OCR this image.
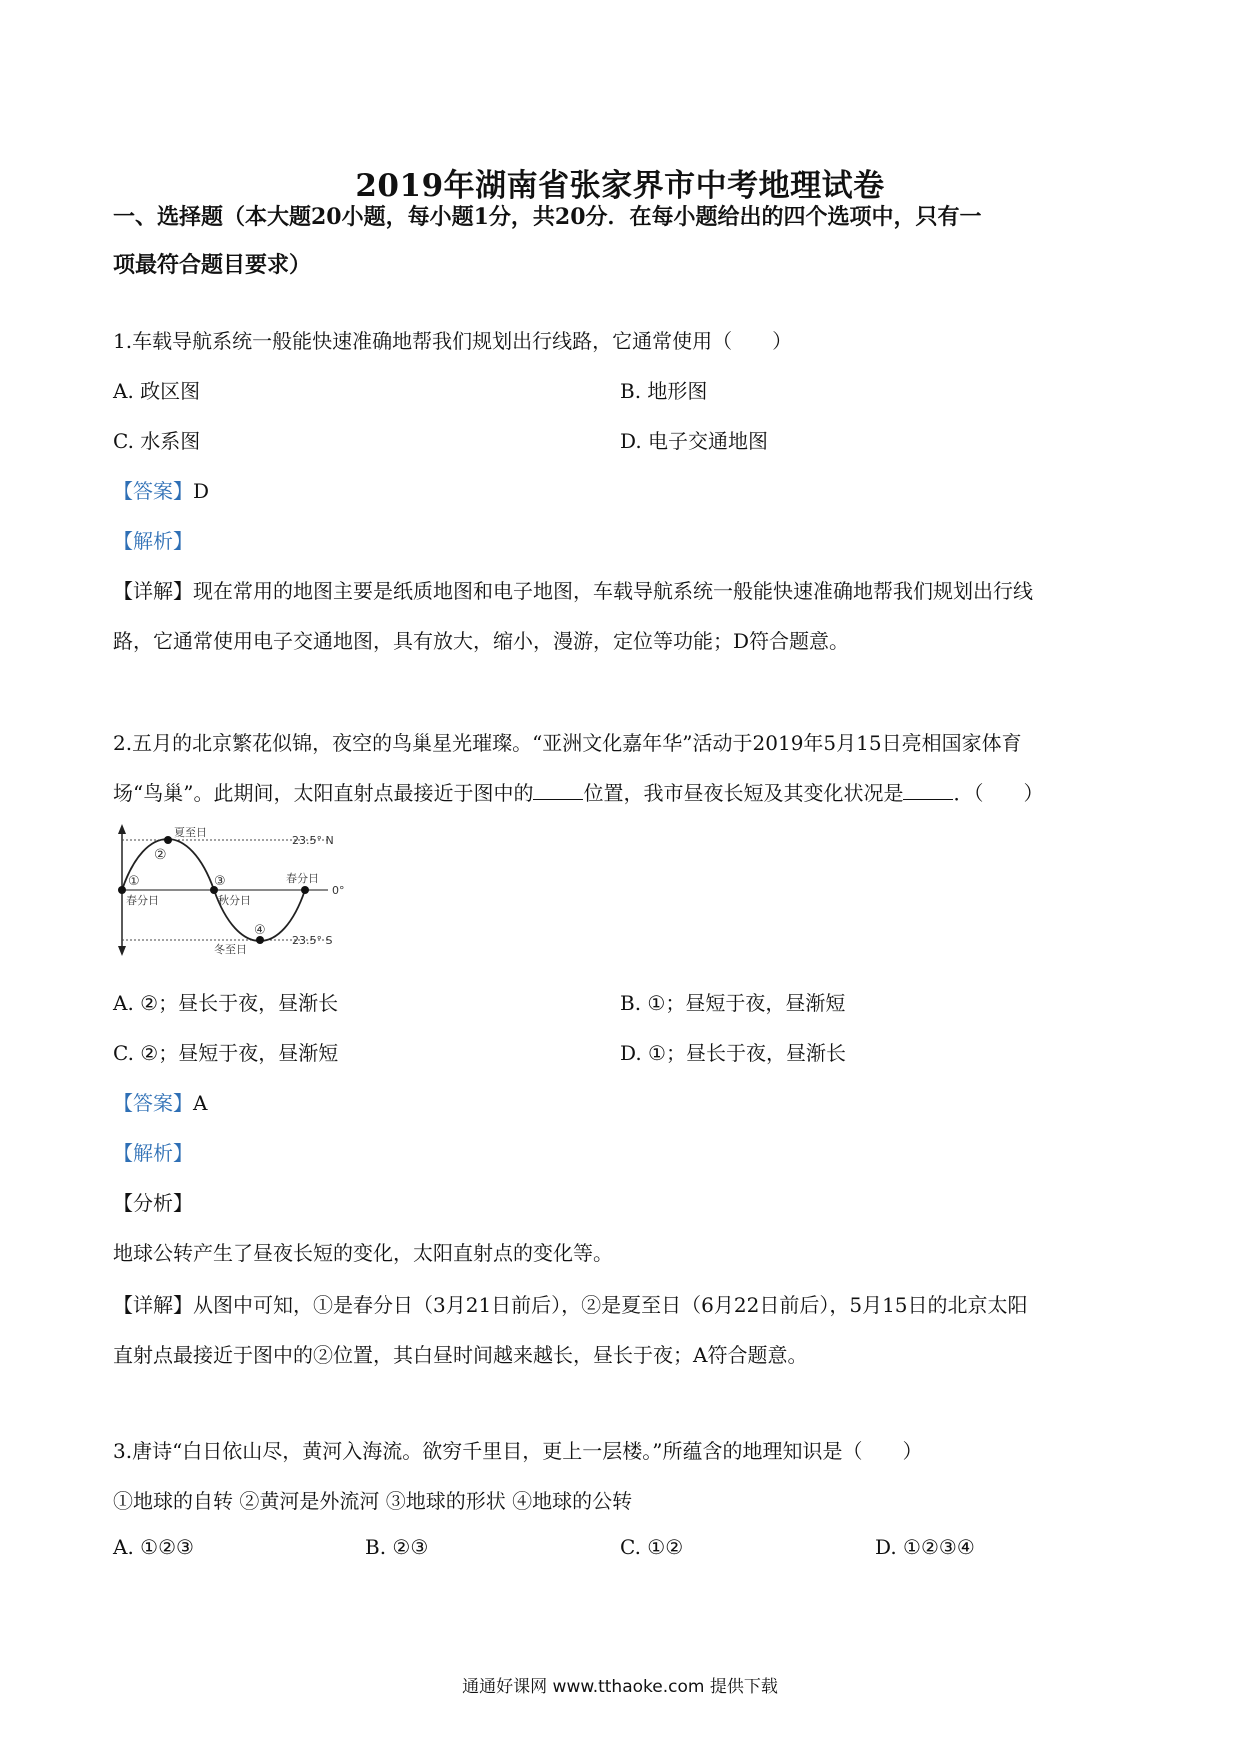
2019年湖南省张家界市中考地理试卷
一、选择题（本大题20小题，每小题1分，共20分．在每小题给出的四个选项中，只有一
项最符合题目要求）
1.车载导航系统一般能快速准确地帮我们规划出行线路，它通常使用（　　）
A. 政区图	B. 地形图
C. 水系图	D. 电子交通地图
【答案】D
【解析】
【详解】现在常用的地图主要是纸质地图和电子地图，车载导航系统一般能快速准确地帮我们规划出行线
路，它通常使用电子交通地图，具有放大，缩小，漫游，定位等功能；D符合题意。
2.五月的北京繁花似锦，夜空的鸟巢星光璀璨。“亚洲文化嘉年华”活动于2019年5月15日亮相国家体育
场“鸟巢”。此期间，太阳直射点最接近于图中的	位置，我市昼夜长短及其变化状况是	．（　　）
夏至日
②
①
春分日
③
秋分日
春分日
④
冬至日
23.5° N
0°
23.5° S
A. ②；昼长于夜，昼渐长	B. ①；昼短于夜，昼渐短
C. ②；昼短于夜，昼渐短	D. ①；昼长于夜，昼渐长
【答案】A
【解析】
【分析】
地球公转产生了昼夜长短的变化，太阳直射点的变化等。
【详解】从图中可知，①是春分日（3月21日前后），②是夏至日（6月22日前后），5月15日的北京太阳
直射点最接近于图中的②位置，其白昼时间越来越长，昼长于夜；A符合题意。
3.唐诗“白日依山尽，黄河入海流。欲穷千里目，更上一层楼。”所蕴含的地理知识是（　　）
①地球的自转 ②黄河是外流河 ③地球的形状 ④地球的公转
A. ①②③	B. ②③	C. ①②	D. ①②③④
通通好课网 www.tthaoke.com 提供下载
